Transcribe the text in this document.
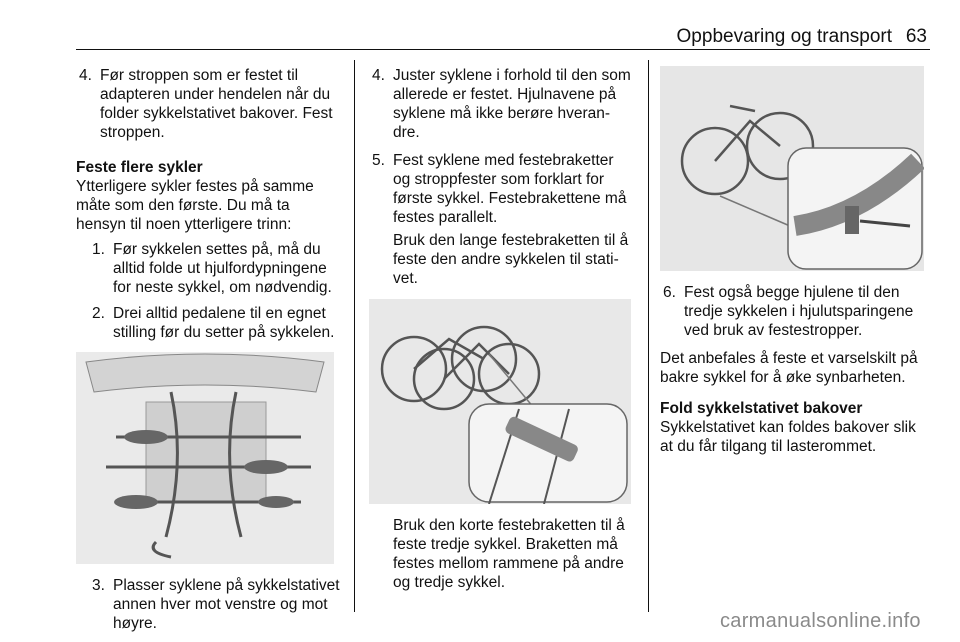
Oppbevaring og transport 63
4. Før stroppen som er festet til adapteren under hendelen når du folder sykkelstativet bakover. Fest stroppen.
Feste flere sykler

Ytterligere sykler festes på samme måte som den første. Du må ta hensyn til noen ytterligere trinn:

1. Før sykkelen settes på, må du alltid folde ut hjulfordypningene for neste sykkel, om nødvendig.
2. Drei alltid pedalene til en egnet stilling før du setter på sykkelen.
3. Plasser syklene på sykkelstativet annen hver mot venstre og mot høyre.
4. Juster syklene i forhold til den som allerede er festet. Hjulnavene på syklene må ikke berøre hveran-dre.
5. Fest syklene med festebraketter og stroppfester som forklart for første sykkel. Festebrakettene må festes parallelt.

Bruk den lange festebraketten til å feste den andre sykkelen til stati-vet.

Bruk den korte festebraketten til å feste tredje sykkel. Braketten må festes mellom rammene på andre og tredje sykkel.

6. Fest også begge hjulene til den tredje sykkelen i hjulutsparingene ved bruk av festestropper.

Det anbefales å feste et varselskilt på bakre sykkel for å øke synbarheten.

Fold sykkelstativet bakover

Sykkelstativet kan foldes bakover slik at du får tilgang til lasterommet.

carmanualsonline.info
